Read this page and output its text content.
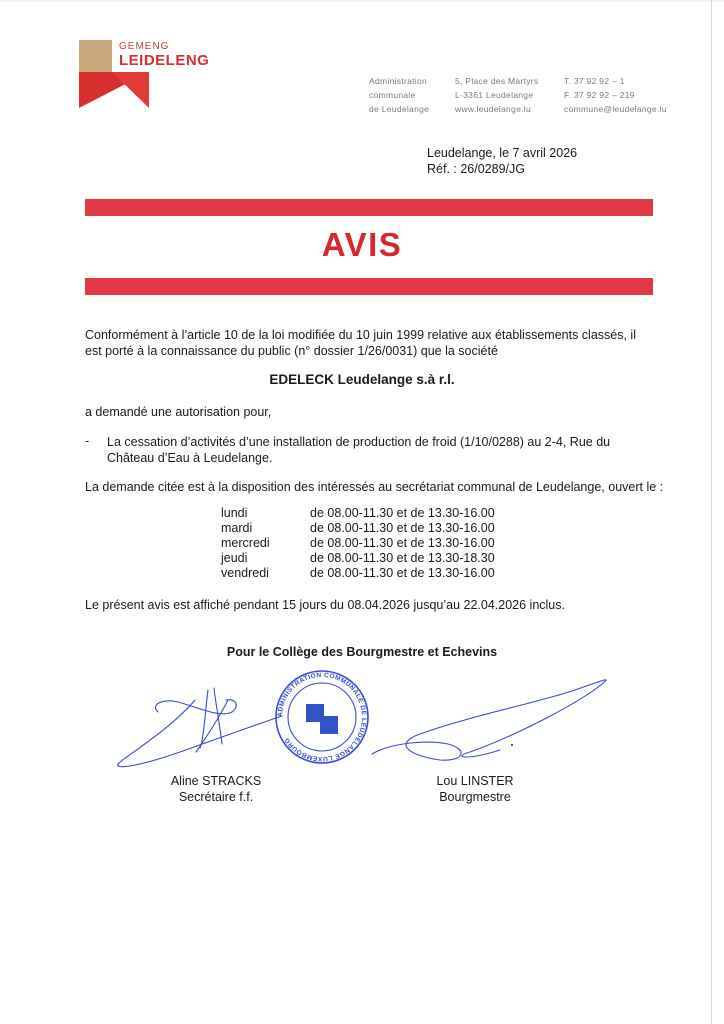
GEMENG
LEIDELENG
Administration
communale
de Leudelange
5, Place des Martyrs
L-3361 Leudelange
www.leudelange.lu
T. 37 92 92 – 1
F. 37 92 92 – 219
commune@leudelange.lu
Leudelange, le 7 avril 2026
Réf. : 26/0289/JG
AVIS
Conformément à l’article 10 de la loi modifiée du 10 juin 1999 relative aux établissements classés, il est porté à la connaissance du public (n° dossier 1/26/0031) que la société
EDELECK Leudelange s.à r.l.
a demandé une autorisation pour,
- La cessation d’activités d’une installation de production de froid (1/10/0288) au 2-4, Rue du Château d’Eau à Leudelange.
La demande citée est à la disposition des intéressés au secrétariat communal de Leudelange, ouvert le :
lundi	de 08.00-11.30 et de 13.30-16.00
mardi	de 08.00-11.30 et de 13.30-16.00
mercredi	de 08.00-11.30 et de 13.30-16.00
jeudi	de 08.00-11.30 et de 13.30-18.30
vendredi	de 08.00-11.30 et de 13.30-16.00
Le présent avis est affiché pendant 15 jours du 08.04.2026 jusqu’au 22.04.2026 inclus.
Pour le Collège des Bourgmestre et Echevins
ADMINISTRATION COMMUNALE DE LEUDELANGE LUXEMBOURG
Aline STRACKS
Secrétaire f.f.
Lou LINSTER
Bourgmestre
